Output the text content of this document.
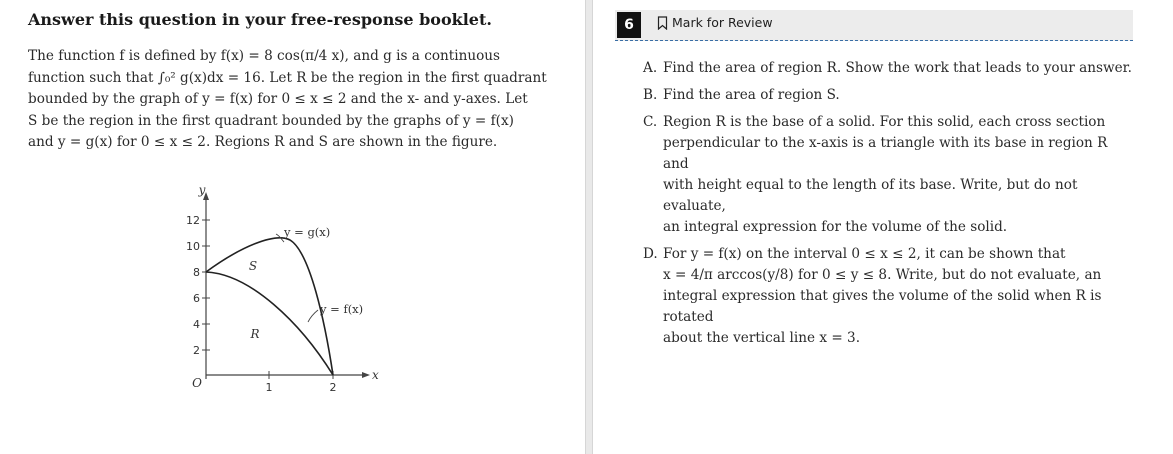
Answer this question in your free-response booklet.

The function f is defined by f(x) = 8 cos(π/4 x), and g is a continuous

function such that ∫₀² g(x)dx = 16. Let R be the region in the first quadrant

bounded by the graph of y = f(x) for 0 ≤ x ≤ 2 and the x- and y-axes. Let

S be the region in the first quadrant bounded by the graphs of y = f(x)

and y = g(x) for 0 ≤ x ≤ 2. Regions R and S are shown in the figure.

12
10
8
6
4
2
1	2
y
x
O
S
R
y = g(x)
y = f(x)
6	Mark for Review
A. Find the area of region R. Show the work that leads to your answer.
B. Find the area of region S.
C. Region R is the base of a solid. For this solid, each cross section
perpendicular to the x-axis is a triangle with its base in region R and
with height equal to the length of its base. Write, but do not evaluate,
an integral expression for the volume of the solid.
D. For y = f(x) on the interval 0 ≤ x ≤ 2, it can be shown that
x = 4/π arccos(y/8) for 0 ≤ y ≤ 8. Write, but do not evaluate, an
integral expression that gives the volume of the solid when R is rotated
about the vertical line x = 3.
